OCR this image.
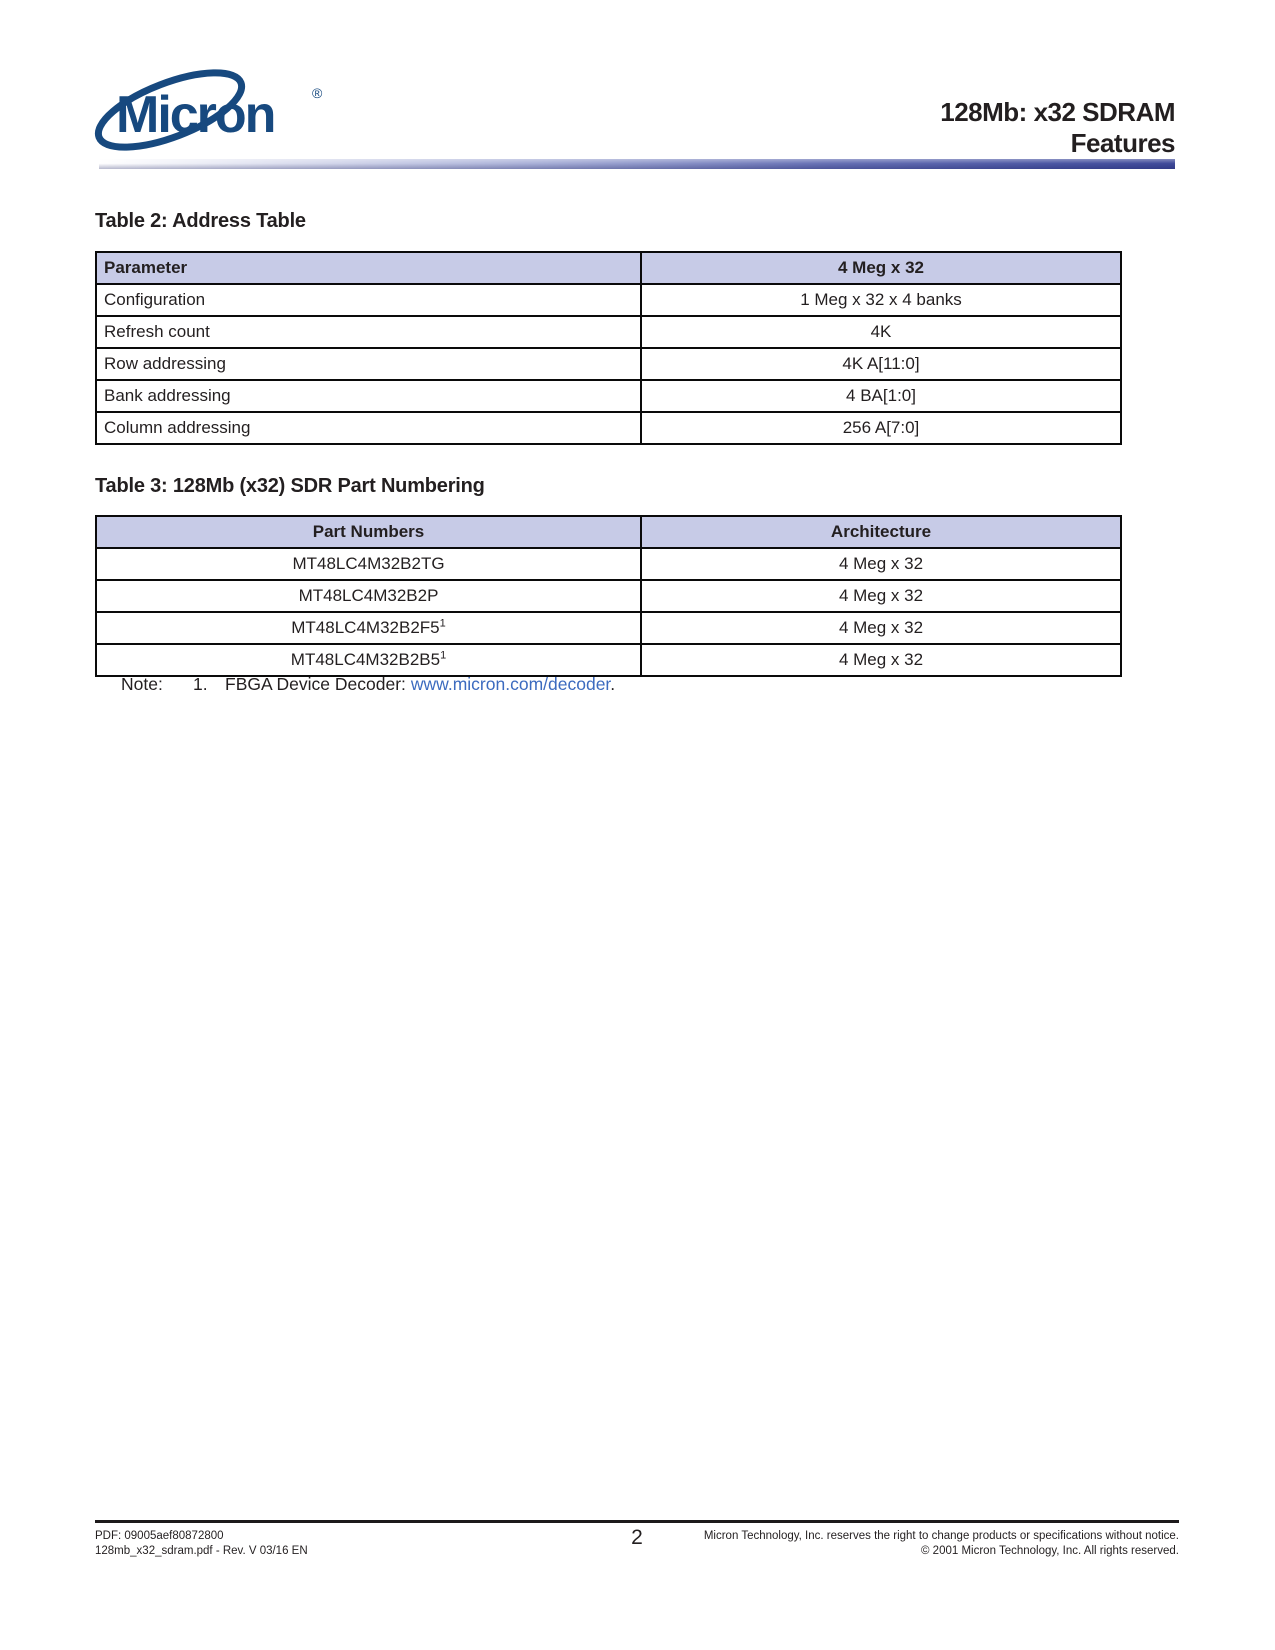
Micron	®
128Mb: x32 SDRAM
Features
Table 2: Address Table
Parameter	4 Meg x 32
Configuration	1 Meg x 32 x 4 banks
Refresh count	4K
Row addressing	4K A[11:0]
Bank addressing	4 BA[1:0]
Column addressing	256 A[7:0]
Table 3: 128Mb (x32) SDR Part Numbering
Part Numbers	Architecture
MT48LC4M32B2TG	4 Meg x 32
MT48LC4M32B2P	4 Meg x 32
MT48LC4M32B2F5$^1$	4 Meg x 32
MT48LC4M32B2B5$^1$	4 Meg x 32
Note: 1. FBGA Device Decoder: www.micron.com/decoder.
PDF: 09005aef80872800
128mb_x32_sdram.pdf - Rev. V 03/16 EN
2	Micron Technology, Inc. reserves the right to change products or specifications without notice.
© 2001 Micron Technology, Inc. All rights reserved.
